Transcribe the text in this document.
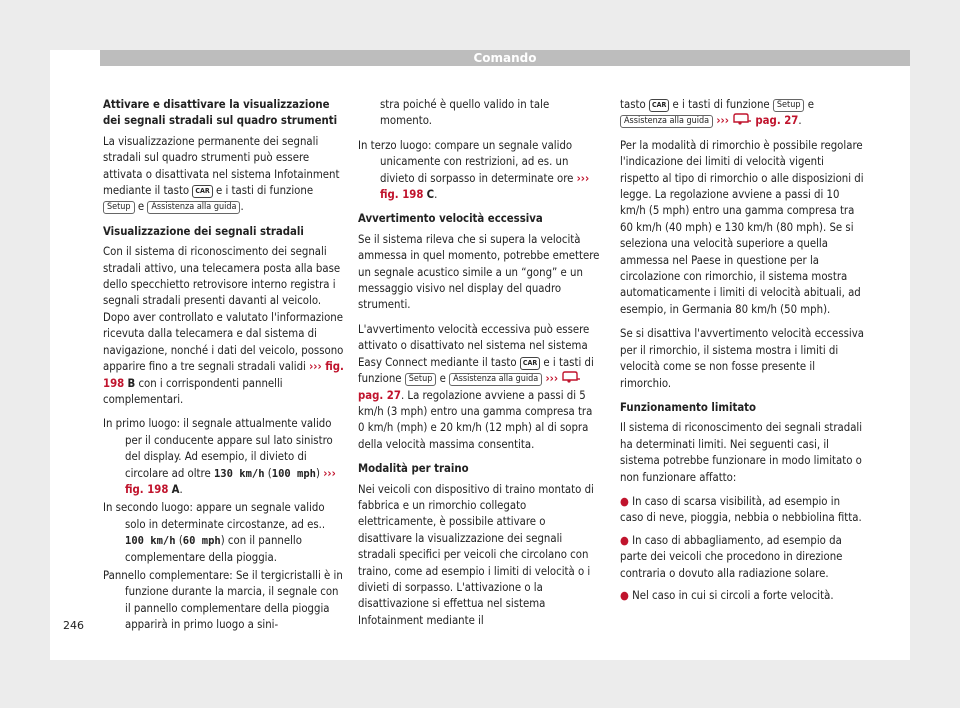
Comando
Attivare e disattivare la visualizzazione dei segnali stradali sul quadro strumenti

La visualizzazione permanente dei segnali stradali sul quadro strumenti può essere attivata o disattivata nel sistema Infotainment mediante il tasto CAR e i tasti di funzione Setup e Assistenza alla guida .

Visualizzazione dei segnali stradali

Con il sistema di riconoscimento dei segnali stradali attivo, una telecamera posta alla base dello specchietto retrovisore interno registra i segnali stradali presenti davanti al veicolo. Dopo aver controllato e valutato l'informazione ricevuta dalla telecamera e dal sistema di navigazione, nonché i dati del veicolo, possono apparire fino a tre segnali stradali validi ››› fig. 198 B con i corrispondenti pannelli complementari.

In primo luogo: il segnale attualmente valido per il conducente appare sul lato sinistro del display. Ad esempio, il divieto di circolare ad oltre 130 km/h (100 mph) ››› fig. 198 A.

In secondo luogo: appare un segnale valido solo in determinate circostanze, ad es.. 100 km/h (60 mph) con il pannello complementare della pioggia.

Pannello complementare: Se il tergicristalli è in funzione durante la marcia, il segnale con il pannello complementare della pioggia apparirà in primo luogo a sini-

stra poiché è quello valido in tale momento.

In terzo luogo: compare un segnale valido unicamente con restrizioni, ad es. un divieto di sorpasso in determinate ore ››› fig. 198 C.

Avvertimento velocità eccessiva

Se il sistema rileva che si supera la velocità ammessa in quel momento, potrebbe emettere un segnale acustico simile a un “gong” e un messaggio visivo nel display del quadro strumenti.

L'avvertimento velocità eccessiva può essere attivato o disattivato nel sistema nel sistema Easy Connect mediante il tasto CAR e i tasti di funzione Setup e Assistenza alla guida ›››  pag. 27. La regolazione avviene a passi di 5 km/h (3 mph) entro una gamma compresa tra 0 km/h (mph) e 20 km/h (12 mph) al di sopra della velocità massima consentita.

Modalità per traino

Nei veicoli con dispositivo di traino montato di fabbrica e un rimorchio collegato elettricamente, è possibile attivare o disattivare la visualizzazione dei segnali stradali specifici per veicoli che circolano con traino, come ad esempio i limiti di velocità o i divieti di sorpasso. L'attivazione o la disattivazione si effettua nel sistema Infotainment mediante il

tasto CAR e i tasti di funzione Setup e Assistenza alla guida ››› pag. 27.

Per la modalità di rimorchio è possibile regolare l'indicazione dei limiti di velocità vigenti rispetto al tipo di rimorchio o alle disposizioni di legge. La regolazione avviene a passi di 10 km/h (5 mph) entro una gamma compresa tra 60 km/h (40 mph) e 130 km/h (80 mph). Se si seleziona una velocità superiore a quella ammessa nel Paese in questione per la circolazione con rimorchio, il sistema mostra automaticamente i limiti di velocità abituali, ad esempio, in Germania 80 km/h (50 mph).

Se si disattiva l'avvertimento velocità eccessiva per il rimorchio, il sistema mostra i limiti di velocità come se non fosse presente il rimorchio.

Funzionamento limitato

Il sistema di riconoscimento dei segnali stradali ha determinati limiti. Nei seguenti casi, il sistema potrebbe funzionare in modo limitato o non funzionare affatto:

● In caso di scarsa visibilità, ad esempio in caso di neve, pioggia, nebbia o nebbiolina fitta.

● In caso di abbagliamento, ad esempio da parte dei veicoli che procedono in direzione contraria o dovuto alla radiazione solare.

● Nel caso in cui si circoli a forte velocità.

246
